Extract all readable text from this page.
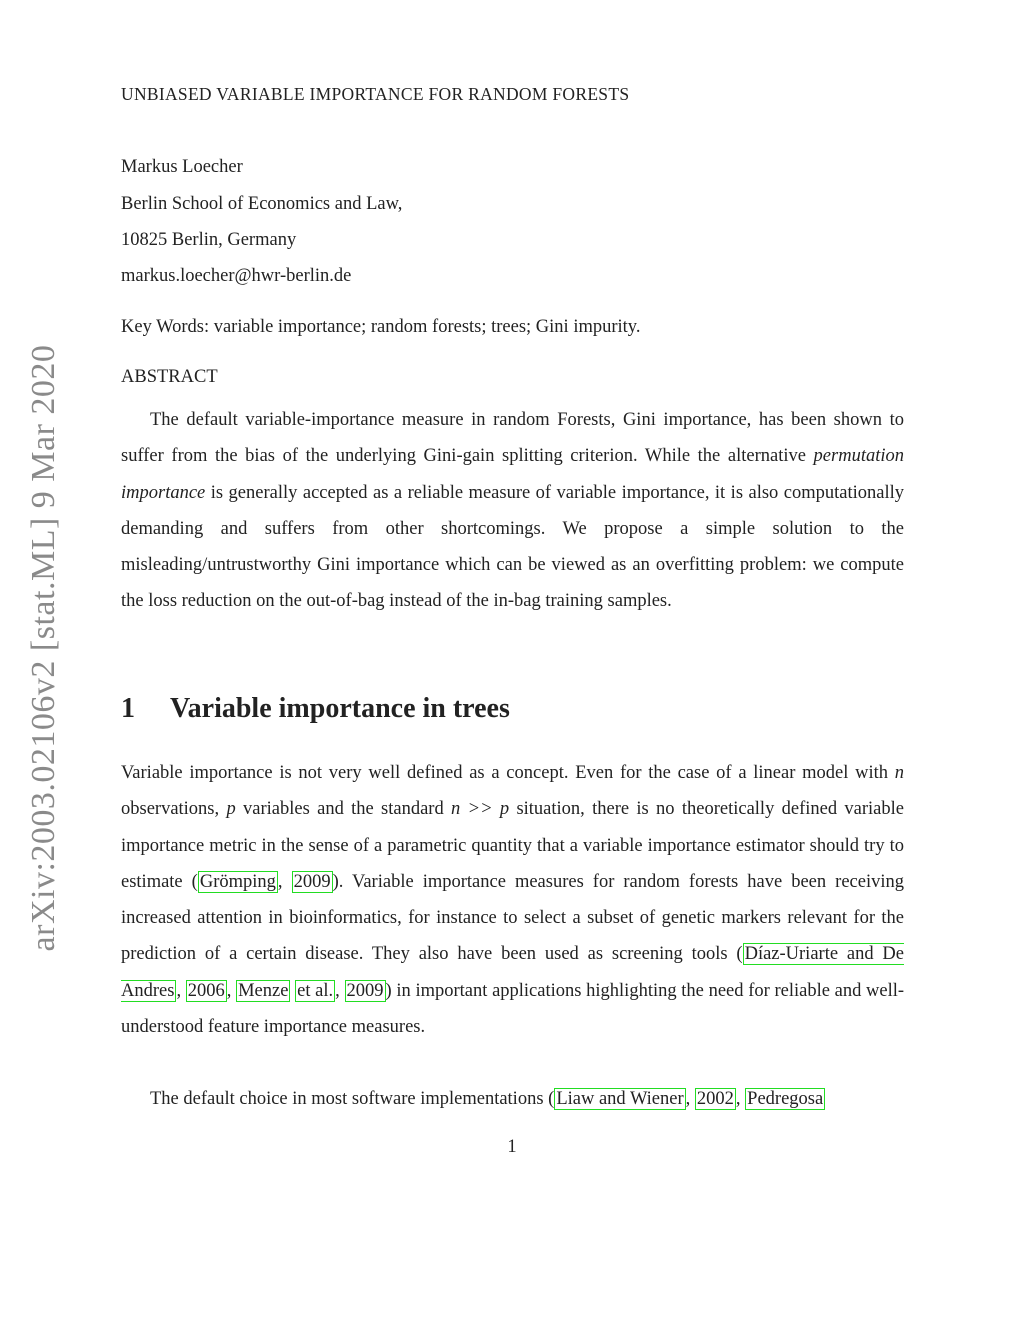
arXiv:2003.02106v2 [stat.ML] 9 Mar 2020
UNBIASED VARIABLE IMPORTANCE FOR RANDOM FORESTS
Markus Loecher
Berlin School of Economics and Law,
10825 Berlin, Germany
markus.loecher@hwr-berlin.de
Key Words: variable importance; random forests; trees; Gini impurity.
ABSTRACT

The default variable-importance measure in random Forests, Gini importance, has been shown to suffer from the bias of the underlying Gini-gain splitting criterion. While the alternative permutation importance is generally accepted as a reliable measure of variable importance, it is also computationally demanding and suffers from other shortcomings. We propose a simple solution to the misleading/untrustworthy Gini importance which can be viewed as an overfitting problem: we compute the loss reduction on the out-of-bag instead of the in-bag training samples.

1 Variable importance in trees

Variable importance is not very well defined as a concept. Even for the case of a linear model with n observations, p variables and the standard n >> p situation, there is no theoretically defined variable importance metric in the sense of a parametric quantity that a variable importance estimator should try to estimate ( Grömping , 2009 ). Variable importance measures for random forests have been receiving increased attention in bioinformatics, for instance to select a subset of genetic markers relevant for the prediction of a certain disease. They also have been used as screening tools ( Díaz-Uriarte and De Andres , 2006 , Menze et al. , 2009 ) in important applications highlighting the need for reliable and well-understood feature importance measures.

The default choice in most software implementations ( Liaw and Wiener , 2002 , Pedregosa

1
